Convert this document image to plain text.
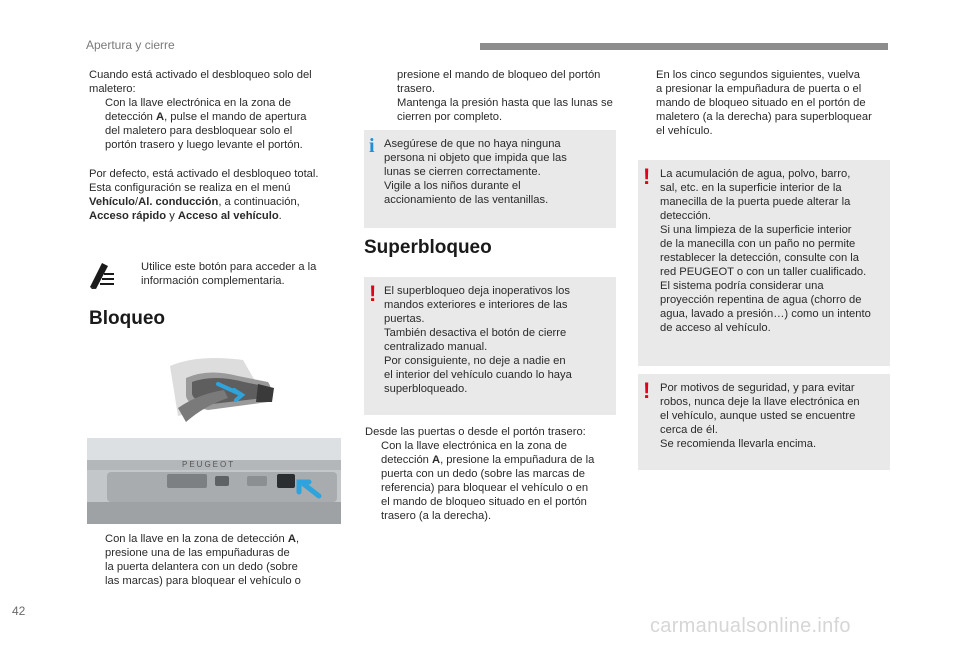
Apertura y cierre

Cuando está activado el desbloqueo solo del

maletero:

Con la llave electrónica en la zona de

detección A, pulse el mando de apertura

del maletero para desbloquear solo el

portón trasero y luego levante el portón.

Por defecto, está activado el desbloqueo total.

Esta configuración se realiza en el menú

Vehículo/Al. conducción, a continuación,

Acceso rápido y Acceso al vehículo.

Utilice este botón para acceder a la

información complementaria.

Bloqueo
PEUGEOT

Con la llave en la zona de detección A,

presione una de las empuñaduras de

la puerta delantera con un dedo (sobre

las marcas) para bloquear el vehículo o

presione el mando de bloqueo del portón

trasero.

Mantenga la presión hasta que las lunas se

cierren por completo.

i Asegúrese de que no haya ninguna

persona ni objeto que impida que las

lunas se cierren correctamente.

Vigile a los niños durante el

accionamiento de las ventanillas.

Superbloqueo
! El superbloqueo deja inoperativos los

mandos exteriores e interiores de las

puertas.

También desactiva el botón de cierre

centralizado manual.

Por consiguiente, no deje a nadie en

el interior del vehículo cuando lo haya

superbloqueado.

Desde las puertas o desde el portón trasero:

Con la llave electrónica en la zona de

detección A, presione la empuñadura de la

puerta con un dedo (sobre las marcas de

referencia) para bloquear el vehículo o en

el mando de bloqueo situado en el portón

trasero (a la derecha).

En los cinco segundos siguientes, vuelva

a presionar la empuñadura de puerta o el

mando de bloqueo situado en el portón de

maletero (a la derecha) para superbloquear

el vehículo.

! La acumulación de agua, polvo, barro,

sal, etc. en la superficie interior de la

manecilla de la puerta puede alterar la

detección.

Si una limpieza de la superficie interior

de la manecilla con un paño no permite

restablecer la detección, consulte con la

red PEUGEOT o con un taller cualificado.

El sistema podría considerar una

proyección repentina de agua (chorro de

agua, lavado a presión…) como un intento

de acceso al vehículo.

! Por motivos de seguridad, y para evitar

robos, nunca deje la llave electrónica en

el vehículo, aunque usted se encuentre

cerca de él.

Se recomienda llevarla encima.

42
carmanualsonline.info
